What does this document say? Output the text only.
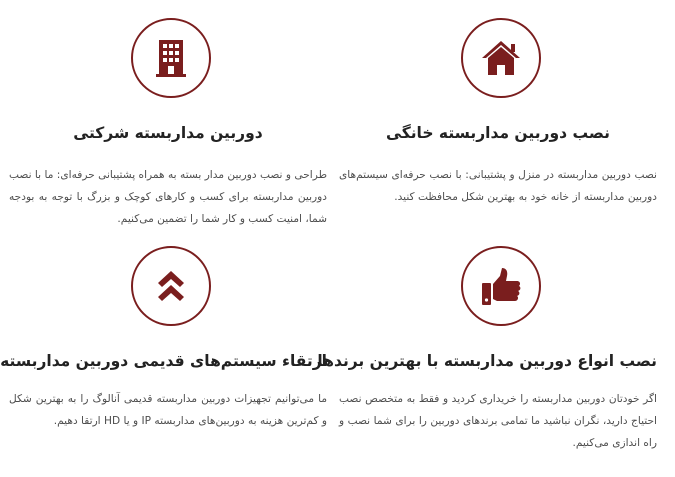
نصب دوربین مداربسته خانگی

نصب دوربین مداربسته در منزل و پشتیبانی: با نصب حرفه‌ای سیستم‌های دوربین مداربسته از خانه خود به بهترین شکل محافظت کنید.

دوربین مداربسته شرکتی

طراحی و نصب دوربین مدار بسته به همراه پشتیبانی حرفه‌ای: ما با نصب دوربین مداربسته برای کسب و کارهای کوچک و بزرگ با توجه به بودجه شما، امنیت کسب و کار شما را تضمین می‌کنیم.

نصب انواع دوربین مداربسته با بهترین برندها

اگر خودتان دوربین مداربسته را خریداری کردید و فقط به متخصص نصب احتیاج دارید، نگران نباشید ما تمامی برندهای دوربین را برای شما نصب و راه اندازی می‌کنیم.

ارتقاء سیستم‌های قدیمی دوربین مداربسته

ما می‌توانیم تجهیزات دوربین مداربسته قدیمی آنالوگ را به بهترین شکل و کم‌ترین هزینه به دوربین‌های مداربسته IP و یا HD ارتقا دهیم.
